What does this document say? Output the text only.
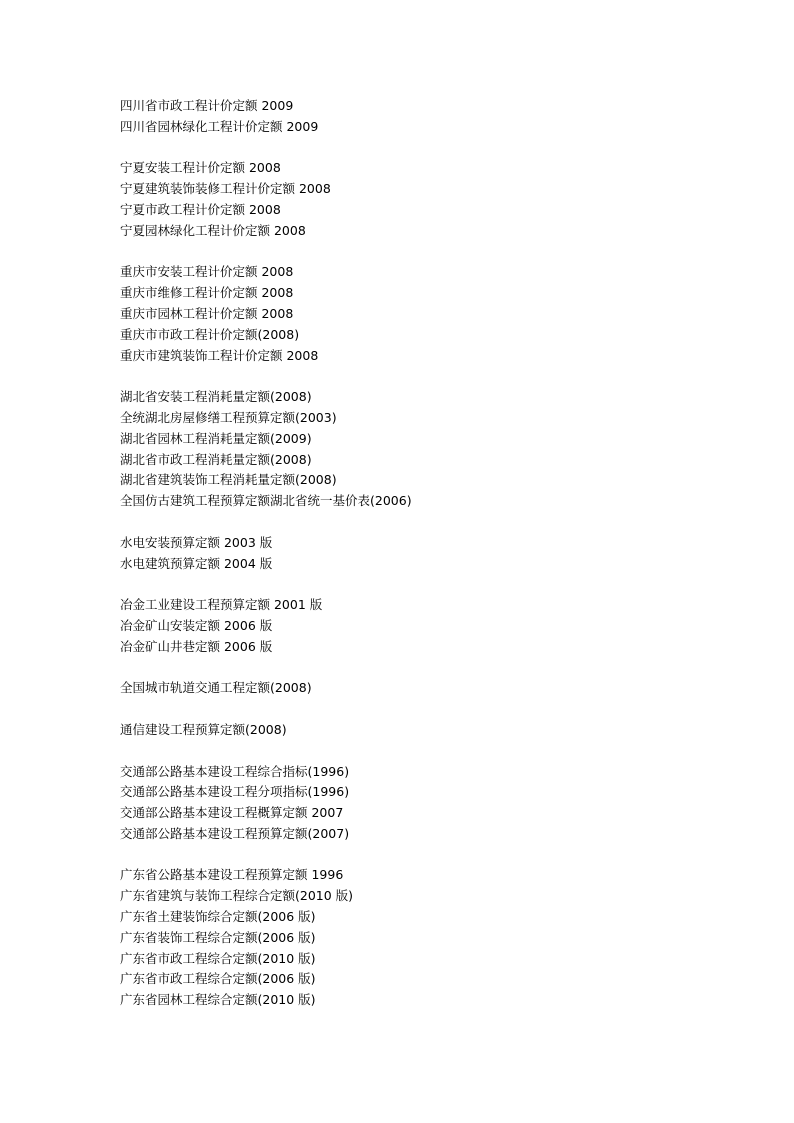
四川省市政工程计价定额 2009
四川省园林绿化工程计价定额 2009
宁夏安装工程计价定额 2008
宁夏建筑装饰装修工程计价定额 2008
宁夏市政工程计价定额 2008
宁夏园林绿化工程计价定额 2008
重庆市安装工程计价定额 2008
重庆市维修工程计价定额 2008
重庆市园林工程计价定额 2008
重庆市市政工程计价定额(2008)
重庆市建筑装饰工程计价定额 2008
湖北省安装工程消耗量定额(2008)
全统湖北房屋修缮工程预算定额(2003)
湖北省园林工程消耗量定额(2009)
湖北省市政工程消耗量定额(2008)
湖北省建筑装饰工程消耗量定额(2008)
全国仿古建筑工程预算定额湖北省统一基价表(2006)
水电安装预算定额 2003 版
水电建筑预算定额 2004 版
冶金工业建设工程预算定额 2001 版
冶金矿山安装定额 2006 版
冶金矿山井巷定额 2006 版
全国城市轨道交通工程定额(2008)
通信建设工程预算定额(2008)
交通部公路基本建设工程综合指标(1996)
交通部公路基本建设工程分项指标(1996)
交通部公路基本建设工程概算定额 2007
交通部公路基本建设工程预算定额(2007)
广东省公路基本建设工程预算定额 1996
广东省建筑与装饰工程综合定额(2010 版)
广东省土建装饰综合定额(2006 版)
广东省装饰工程综合定额(2006 版)
广东省市政工程综合定额(2010 版)
广东省市政工程综合定额(2006 版)
广东省园林工程综合定额(2010 版)
